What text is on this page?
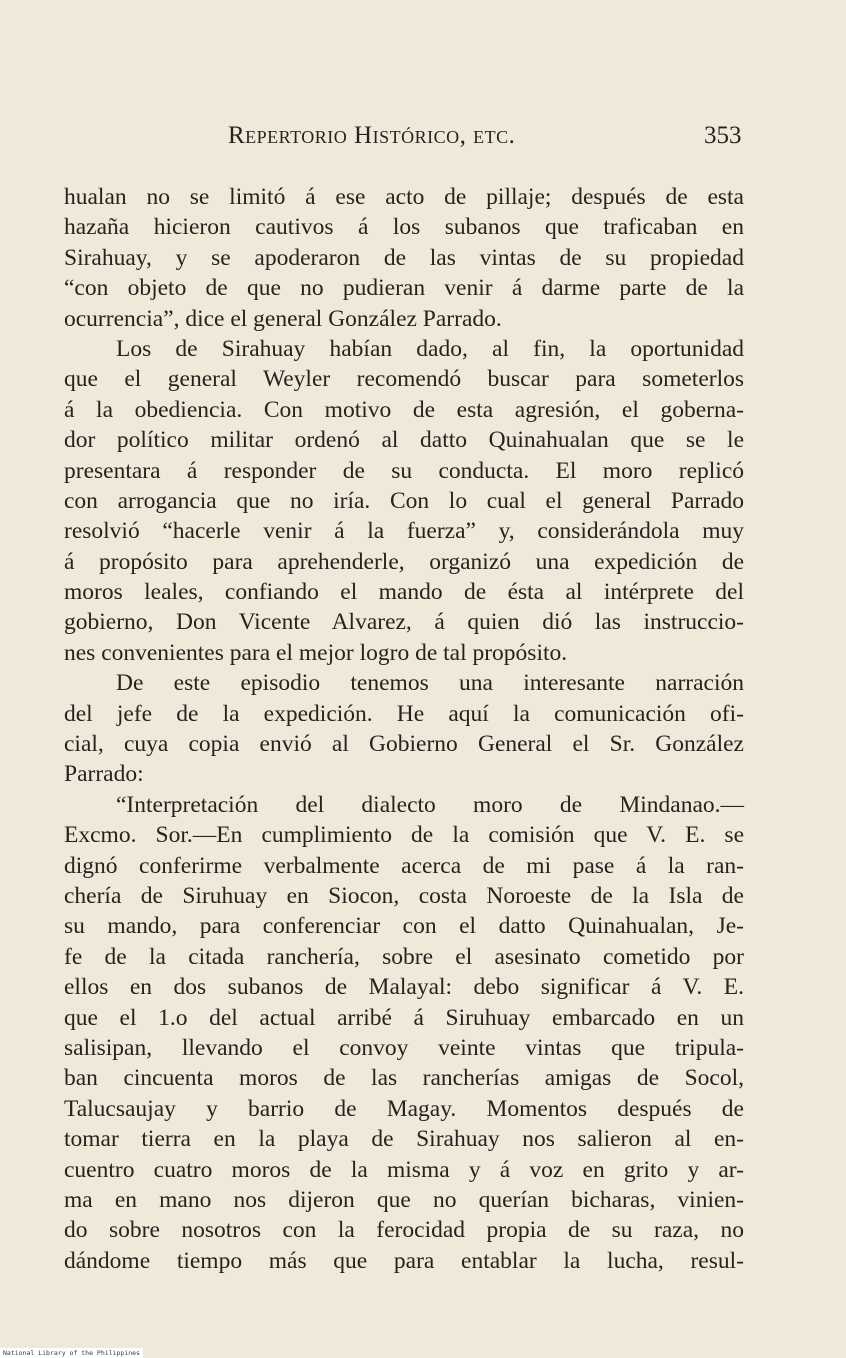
Repertorio Histórico, etc.	353
hualan no se limitó á ese acto de pillaje; después de esta
hazaña hicieron cautivos á los subanos que traficaban en
Sirahuay, y se apoderaron de las vintas de su propiedad
“con objeto de que no pudieran venir á darme parte de la
ocurrencia”, dice el general González Parrado.
Los de Sirahuay habían dado, al fin, la oportunidad
que el general Weyler recomendó buscar para someterlos
á la obediencia. Con motivo de esta agresión, el goberna-
dor político militar ordenó al datto Quinahualan que se le
presentara á responder de su conducta. El moro replicó
con arrogancia que no iría. Con lo cual el general Parrado
resolvió “hacerle venir á la fuerza” y, considerándola muy
á propósito para aprehenderle, organizó una expedición de
moros leales, confiando el mando de ésta al intérprete del
gobierno, Don Vicente Alvarez, á quien dió las instruccio-
nes convenientes para el mejor logro de tal propósito.
De este episodio tenemos una interesante narración
del jefe de la expedición. He aquí la comunicación ofi-
cial, cuya copia envió al Gobierno General el Sr. González
Parrado:
“Interpretación del dialecto moro de Mindanao.—
Excmo. Sor.—En cumplimiento de la comisión que V. E. se
dignó conferirme verbalmente acerca de mi pase á la ran-
chería de Siruhuay en Siocon, costa Noroeste de la Isla de
su mando, para conferenciar con el datto Quinahualan, Je-
fe de la citada ranchería, sobre el asesinato cometido por
ellos en dos subanos de Malayal: debo significar á V. E.
que el 1.o del actual arribé á Siruhuay embarcado en un
salisipan, llevando el convoy veinte vintas que tripula-
ban cincuenta moros de las rancherías amigas de Socol,
Talucsaujay y barrio de Magay. Momentos después de
tomar tierra en la playa de Sirahuay nos salieron al en-
cuentro cuatro moros de la misma y á voz en grito y ar-
ma en mano nos dijeron que no querían bicharas, vinien-
do sobre nosotros con la ferocidad propia de su raza, no
dándome tiempo más que para entablar la lucha, resul-
National Library of the Philippines
